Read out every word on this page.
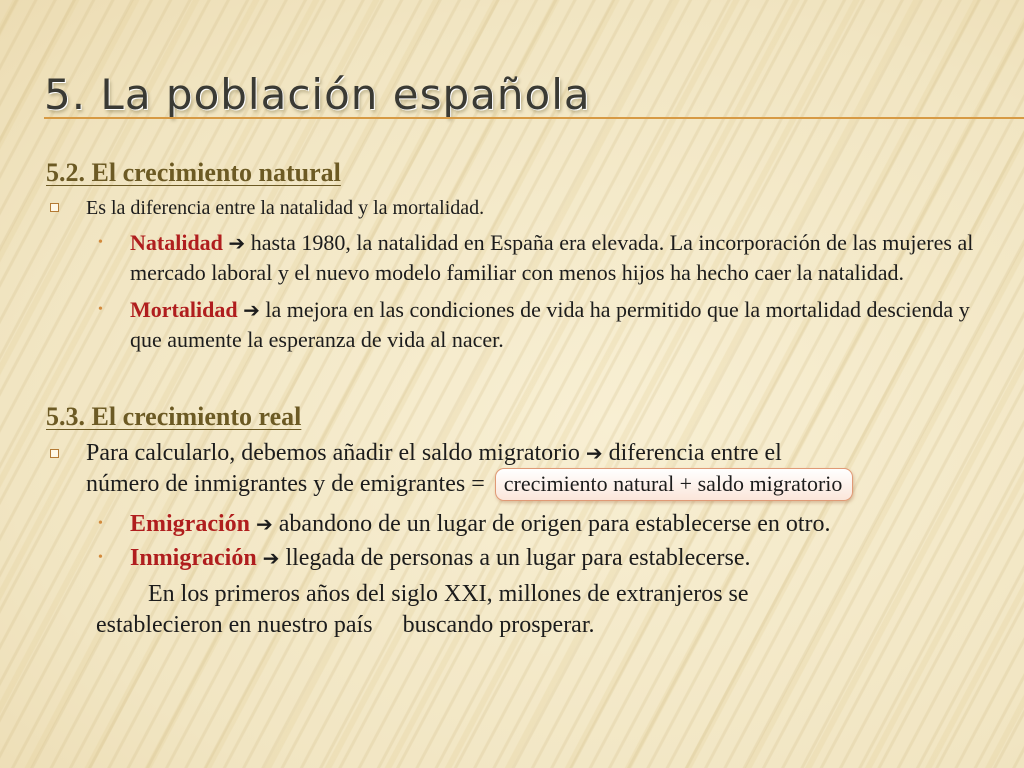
5. La población española

5.2. El crecimiento natural

Es la diferencia entre la natalidad y la mortalidad.
• Natalidad ➔ hasta 1980, la natalidad en España era elevada. La incorporación de las mujeres al mercado laboral y el nuevo modelo familiar con menos hijos ha hecho caer la natalidad.
• Mortalidad ➔ la mejora en las condiciones de vida ha permitido que la mortalidad descienda y que aumente la esperanza de vida al nacer.

5.3. El crecimiento real

Para calcularlo, debemos añadir el saldo migratorio ➔ diferencia entre el
número de inmigrantes y de emigrantes = crecimiento natural + saldo migratorio
• Emigración ➔ abandono de un lugar de origen para establecerse en otro.
• Inmigración ➔ llegada de personas a un lugar para establecerse.
En los primeros años del siglo XXI, millones de extranjeros se
establecieron en nuestro país     buscando prosperar.
